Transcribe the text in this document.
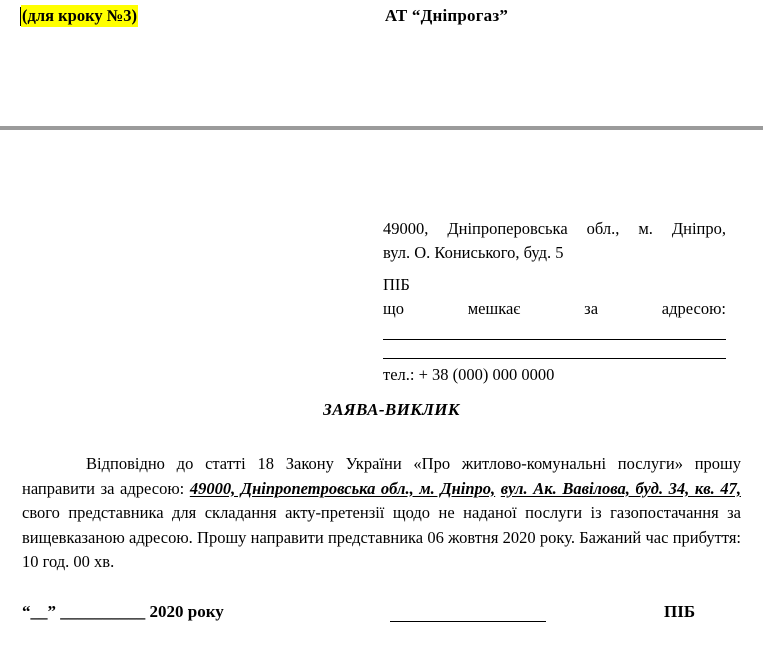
(для кроку №3)	АТ “Дніпрогаз”
49000, Дніпроперовська обл., м. Дніпро,
вул. О. Кониського, буд. 5
ПІБ
що мешкає за адресою:
тел.: + 38 (000) 000 0000
ЗАЯВА-ВИКЛИК
Відповідно до статті 18 Закону України «Про житлово-комунальні послуги» прошу направити за адресою: 49000, Дніпропетровська обл., м. Дніпро, вул. Ак. Вавілова, буд. 34, кв. 47, свого представника для складання акту-претензії щодо не наданої послуги із газопостачання за вищевказаною адресою. Прошу направити представника 06 жовтня 2020 року. Бажаний час прибуття: 10 год. 00 хв.
“__” __________ 2020 року	ПІБ
